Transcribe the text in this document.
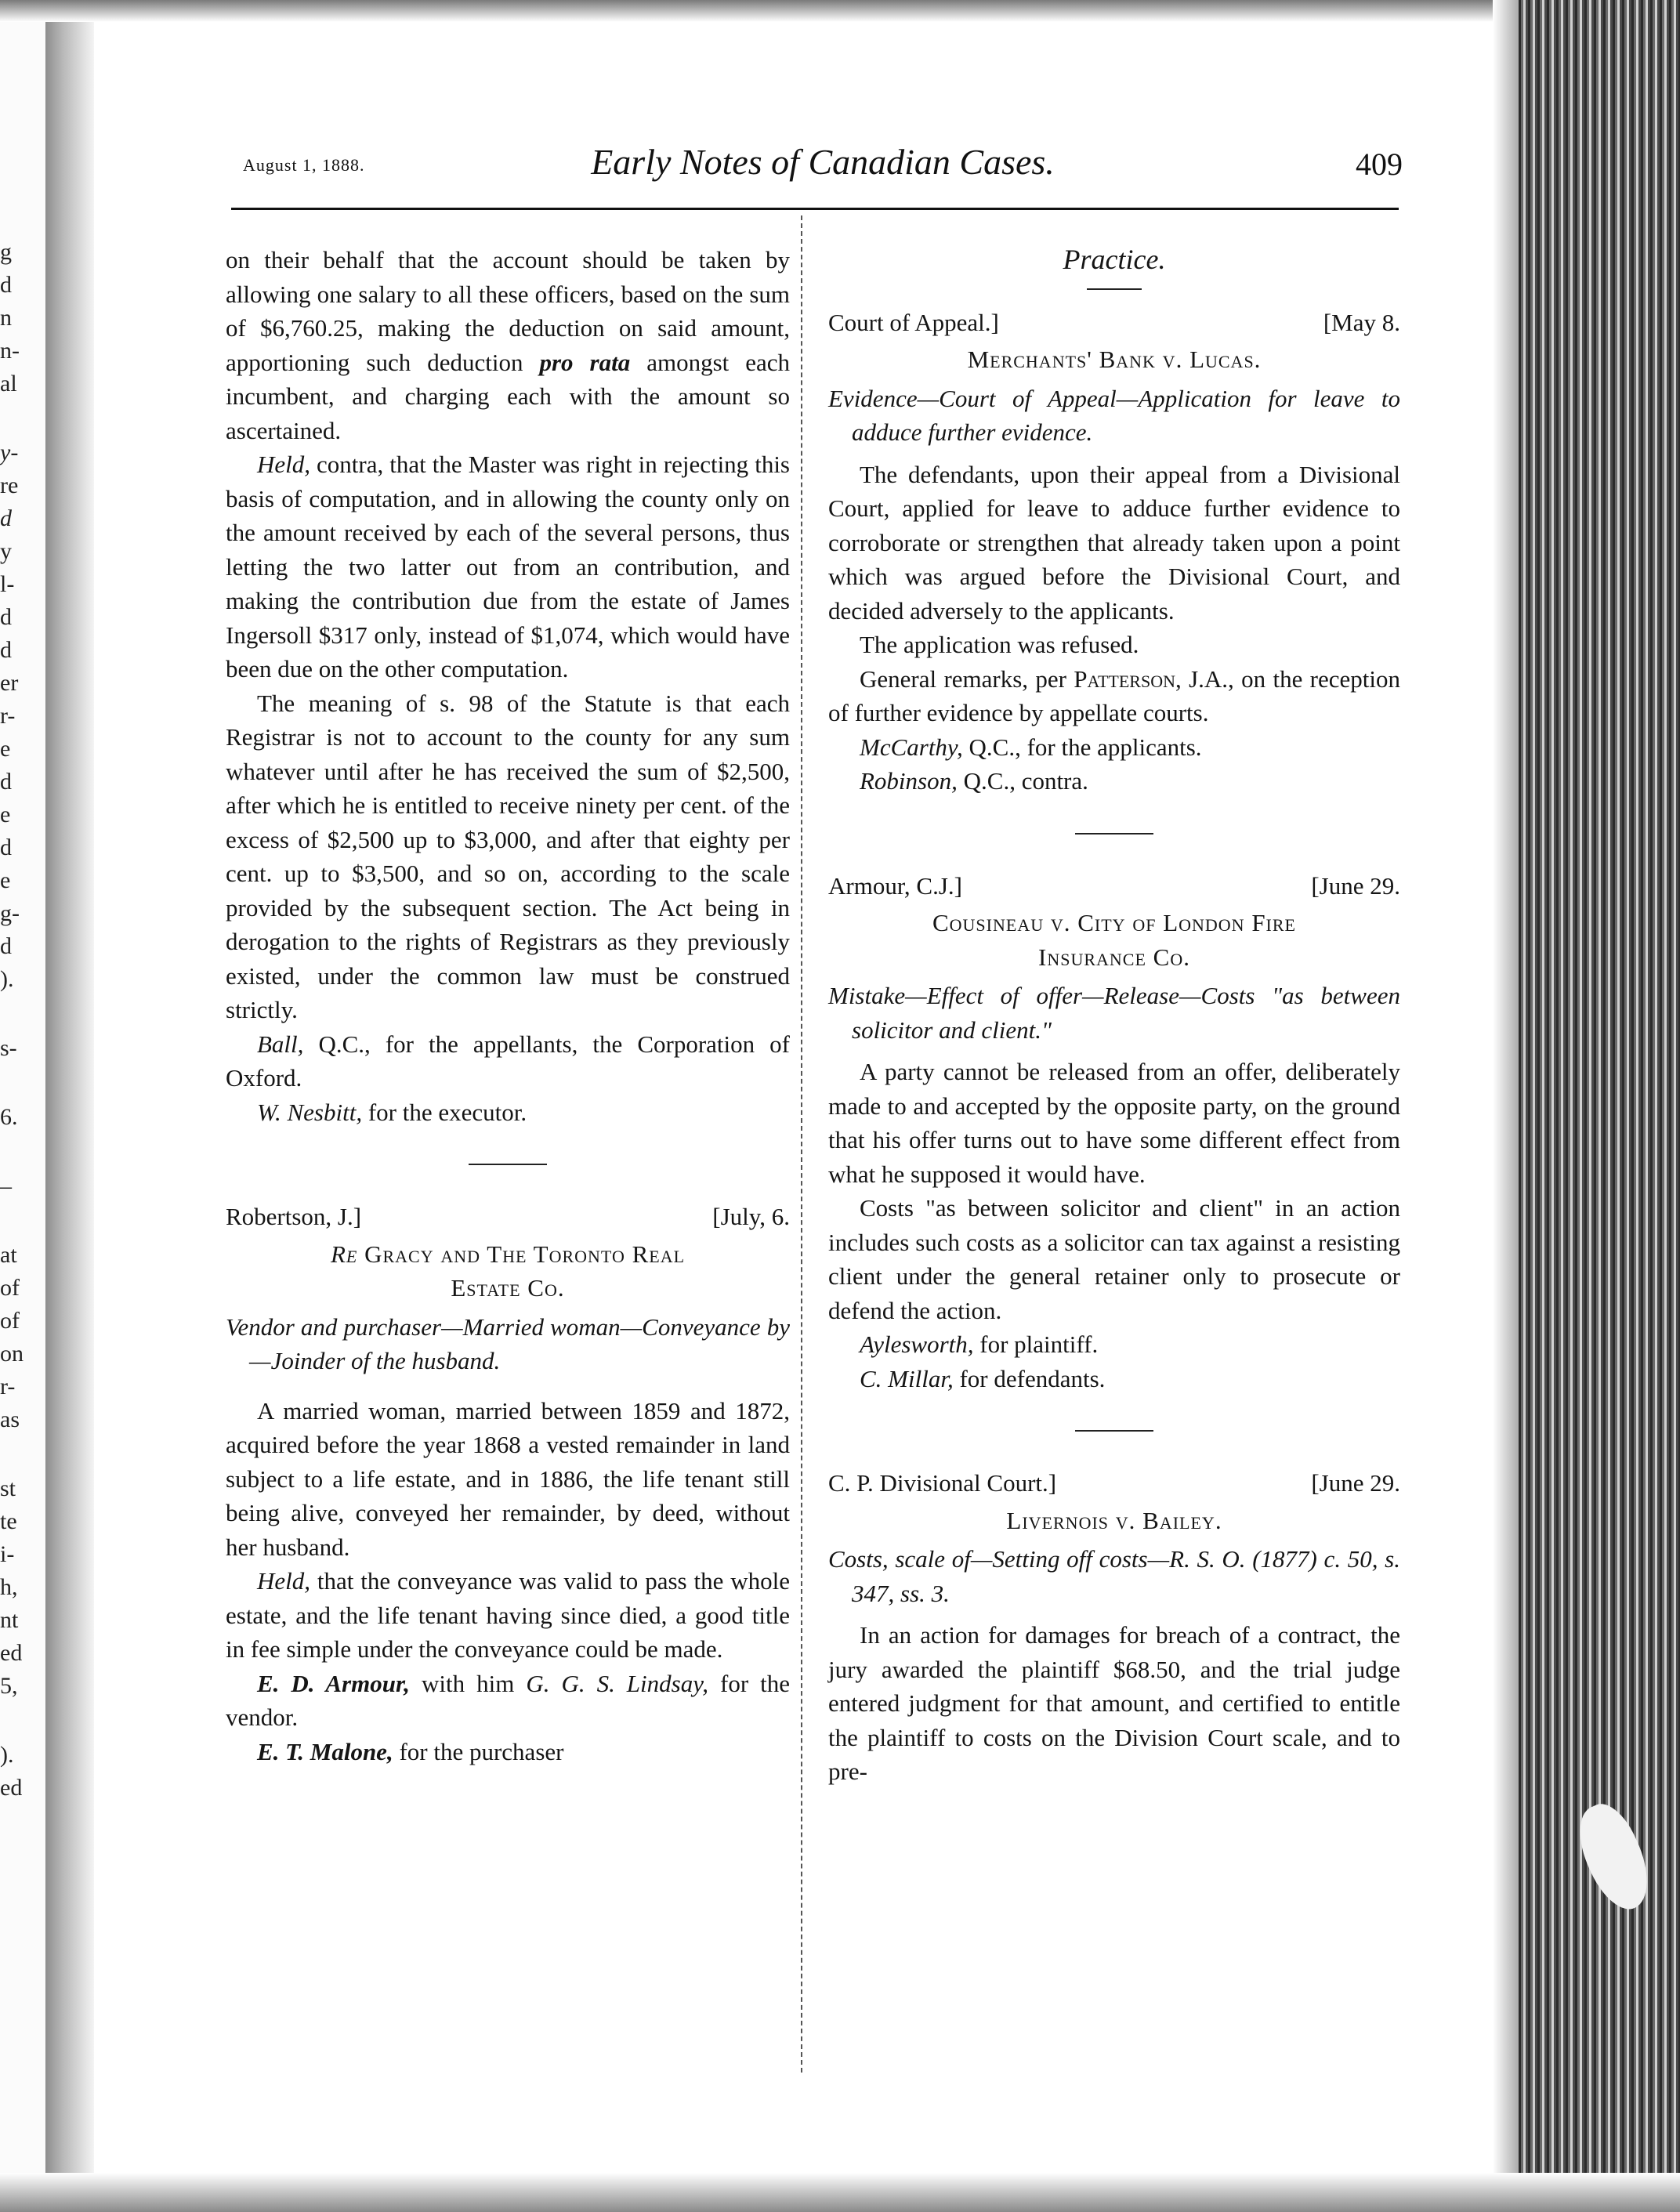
g
d
n
n-
al
y-
re
d
y
l-
d
d
er
r-
e
d
e
d
e
g-
d
).
s-
6.
–
at
of
of
on
r-
as
st
te
i-
h,
nt
ed
5,
).
ed
August 1, 1888.	Early Notes of Canadian Cases.	409

on their behalf that the account should be taken by allowing one salary to all these officers, based on the sum of $6,760.25, making the deduction on said amount, apportioning such deduction pro rata amongst each incumbent, and charging each with the amount so ascertained.

Held, contra, that the Master was right in rejecting this basis of computation, and in allowing the county only on the amount received by each of the several persons, thus letting the two latter out from an contribution, and making the contribution due from the estate of James Ingersoll $317 only, instead of $1,074, which would have been due on the other computation.

The meaning of s. 98 of the Statute is that each Registrar is not to account to the county for any sum whatever until after he has received the sum of $2,500, after which he is entitled to receive ninety per cent. of the excess of $2,500 up to $3,000, and after that eighty per cent. up to $3,500, and so on, according to the scale provided by the subsequent section. The Act being in derogation to the rights of Registrars as they previously existed, under the common law must be construed strictly.

Ball, Q.C., for the appellants, the Corporation of Oxford.

W. Nesbitt, for the executor.

Robertson, J.]	[July, 6.
Re Gracy and The Toronto Real
Estate Co.

Vendor and purchaser—Married woman—Conveyance by—Joinder of the husband.

A married woman, married between 1859 and 1872, acquired before the year 1868 a vested remainder in land subject to a life estate, and in 1886, the life tenant still being alive, conveyed her remainder, by deed, without her husband.

Held, that the conveyance was valid to pass the whole estate, and the life tenant having since died, a good title in fee simple under the conveyance could be made.

E. D. Armour, with him G. G. S. Lindsay, for the vendor.

E. T. Malone, for the purchaser

Practice.
Court of Appeal.]	[May 8.
Merchants' Bank v. Lucas.

Evidence—Court of Appeal—Application for leave to adduce further evidence.

The defendants, upon their appeal from a Divisional Court, applied for leave to adduce further evidence to corroborate or strengthen that already taken upon a point which was argued before the Divisional Court, and decided adversely to the applicants.

The application was refused.

General remarks, per Patterson, J.A., on the reception of further evidence by appellate courts.

McCarthy, Q.C., for the applicants.

Robinson, Q.C., contra.

Armour, C.J.]	[June 29.
Cousineau v. City of London Fire
Insurance Co.

Mistake—Effect of offer—Release—Costs "as between solicitor and client."

A party cannot be released from an offer, deliberately made to and accepted by the opposite party, on the ground that his offer turns out to have some different effect from what he supposed it would have.

Costs "as between solicitor and client" in an action includes such costs as a solicitor can tax against a resisting client under the general retainer only to prosecute or defend the action.

Aylesworth, for plaintiff.

C. Millar, for defendants.

C. P. Divisional Court.]	[June 29.
Livernois v. Bailey.

Costs, scale of—Setting off costs—R. S. O. (1877) c. 50, s. 347, ss. 3.

In an action for damages for breach of a contract, the jury awarded the plaintiff $68.50, and the trial judge entered judgment for that amount, and certified to entitle the plaintiff to costs on the Division Court scale, and to pre-
